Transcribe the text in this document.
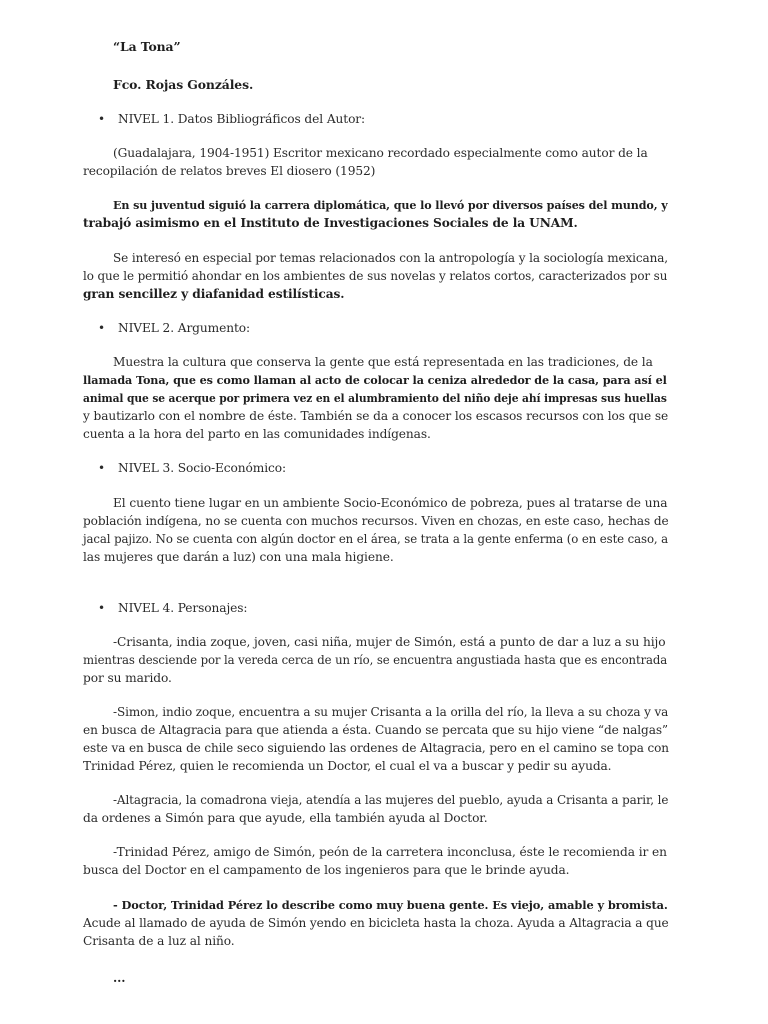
“La Tona”
Fco. Rojas Gonzáles.
• NIVEL 1. Datos Bibliográficos del Autor:
(Guadalajara, 1904-1951) Escritor mexicano recordado especialmente como autor de la
recopilación de relatos breves El diosero (1952)
En su juventud siguió la carrera diplomática, que lo llevó por diversos países del mundo, y
trabajó asimismo en el Instituto de Investigaciones Sociales de la UNAM.
Se interesó en especial por temas relacionados con la antropología y la sociología mexicana,
lo que le permitió ahondar en los ambientes de sus novelas y relatos cortos, caracterizados por su
gran sencillez y diafanidad estilísticas.
• NIVEL 2. Argumento:
Muestra la cultura que conserva la gente que está representada en las tradiciones, de la
llamada Tona, que es como llaman al acto de colocar la ceniza alrededor de la casa, para así el
animal que se acerque por primera vez en el alumbramiento del niño deje ahí impresas sus huellas
y bautizarlo con el nombre de éste. También se da a conocer los escasos recursos con los que se
cuenta a la hora del parto en las comunidades indígenas.
• NIVEL 3. Socio-Económico:
El cuento tiene lugar en un ambiente Socio-Económico de pobreza, pues al tratarse de una
población indígena, no se cuenta con muchos recursos. Viven en chozas, en este caso, hechas de
jacal pajizo. No se cuenta con algún doctor en el área, se trata a la gente enferma (o en este caso, a
las mujeres que darán a luz) con una mala higiene.
• NIVEL 4. Personajes:
-Crisanta, india zoque, joven, casi niña, mujer de Simón, está a punto de dar a luz a su hijo
mientras desciende por la vereda cerca de un río, se encuentra angustiada hasta que es encontrada
por su marido.
-Simon, indio zoque, encuentra a su mujer Crisanta a la orilla del río, la lleva a su choza y va
en busca de Altagracia para que atienda a ésta. Cuando se percata que su hijo viene “de nalgas”
este va en busca de chile seco siguiendo las ordenes de Altagracia, pero en el camino se topa con
Trinidad Pérez, quien le recomienda un Doctor, el cual el va a buscar y pedir su ayuda.
-Altagracia, la comadrona vieja, atendía a las mujeres del pueblo, ayuda a Crisanta a parir, le
da ordenes a Simón para que ayude, ella también ayuda al Doctor.
-Trinidad Pérez, amigo de Simón, peón de la carretera inconclusa, éste le recomienda ir en
busca del Doctor en el campamento de los ingenieros para que le brinde ayuda.
- Doctor, Trinidad Pérez lo describe como muy buena gente. Es viejo, amable y bromista.
Acude al llamado de ayuda de Simón yendo en bicicleta hasta la choza. Ayuda a Altagracia a que
Crisanta de a luz al niño.
...
